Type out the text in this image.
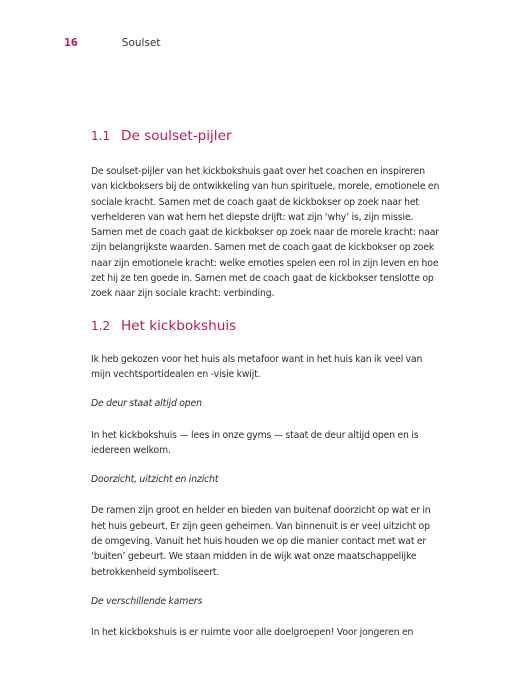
16	Soulset
1.1 De soulset-pijler

De soulset-pijler van het kickbokshuis gaat over het coachen en inspireren van kickboksers bij de ontwikkeling van hun spirituele, morele, emotionele en sociale kracht. Samen met de coach gaat de kickbokser op zoek naar het verhelderen van wat hem het diepste drijft: wat zijn ‘why’ is, zijn missie. Samen met de coach gaat de kickbokser op zoek naar de morele kracht: naar zijn belangrijkste waarden. Samen met de coach gaat de kickbokser op zoek naar zijn emotionele kracht: welke emoties spelen een rol in zijn leven en hoe zet hij ze ten goede in. Samen met de coach gaat de kickbokser tenslotte op zoek naar zijn sociale kracht: verbinding.

1.2 Het kickbokshuis

Ik heb gekozen voor het huis als metafoor want in het huis kan ik veel van mijn vechtsportidealen en -visie kwijt.

De deur staat altijd open

In het kickbokshuis — lees in onze gyms — staat de deur altijd open en is iedereen welkom.

Doorzicht, uitzicht en inzicht

De ramen zijn groot en helder en bieden van buitenaf doorzicht op wat er in het huis gebeurt. Er zijn geen geheimen. Van binnenuit is er veel uitzicht op de omgeving. Vanuit het huis houden we op die manier contact met wat er ‘buiten’ gebeurt. We staan midden in de wijk wat onze maatschappelijke betrokkenheid symboliseert.

De verschillende kamers

In het kickbokshuis is er ruimte voor alle doelgroepen! Voor jongeren en
